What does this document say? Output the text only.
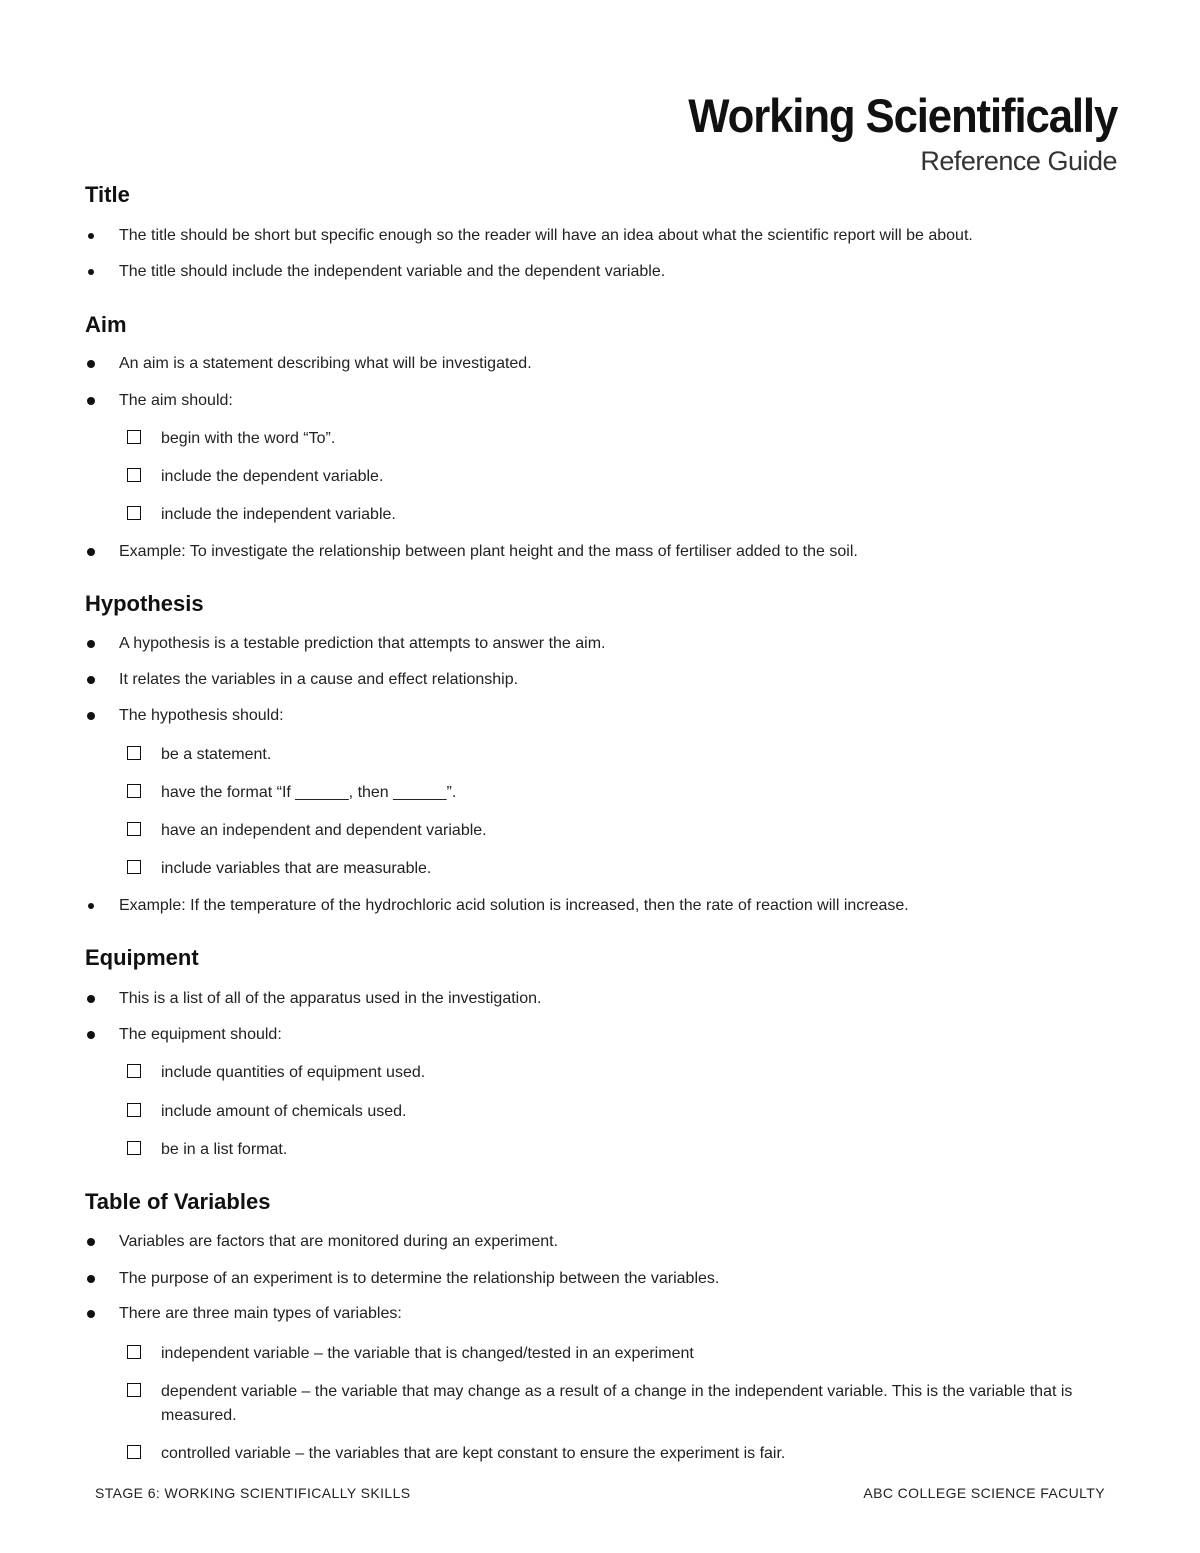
Working Scientifically
Reference Guide
Title
The title should be short but specific enough so the reader will have an idea about what the scientific report will be about.
The title should include the independent variable and the dependent variable.
Aim
An aim is a statement describing what will be investigated.
The aim should:
begin with the word “To”.
include the dependent variable.
include the independent variable.
Example: To investigate the relationship between plant height and the mass of fertiliser added to the soil.
Hypothesis
A hypothesis is a testable prediction that attempts to answer the aim.
It relates the variables in a cause and effect relationship.
The hypothesis should:
be a statement.
have the format “If ______, then ______”.
have an independent and dependent variable.
include variables that are measurable.
Example: If the temperature of the hydrochloric acid solution is increased, then the rate of reaction will increase.
Equipment
This is a list of all of the apparatus used in the investigation.
The equipment should:
include quantities of equipment used.
include amount of chemicals used.
be in a list format.
Table of Variables
Variables are factors that are monitored during an experiment.
The purpose of an experiment is to determine the relationship between the variables.
There are three main types of variables:
independent variable – the variable that is changed/tested in an experiment
dependent variable – the variable that may change as a result of a change in the independent variable. This is the variable that is measured.
controlled variable – the variables that are kept constant to ensure the experiment is fair.
STAGE 6: WORKING SCIENTIFICALLY SKILLS	ABC COLLEGE SCIENCE FACULTY
